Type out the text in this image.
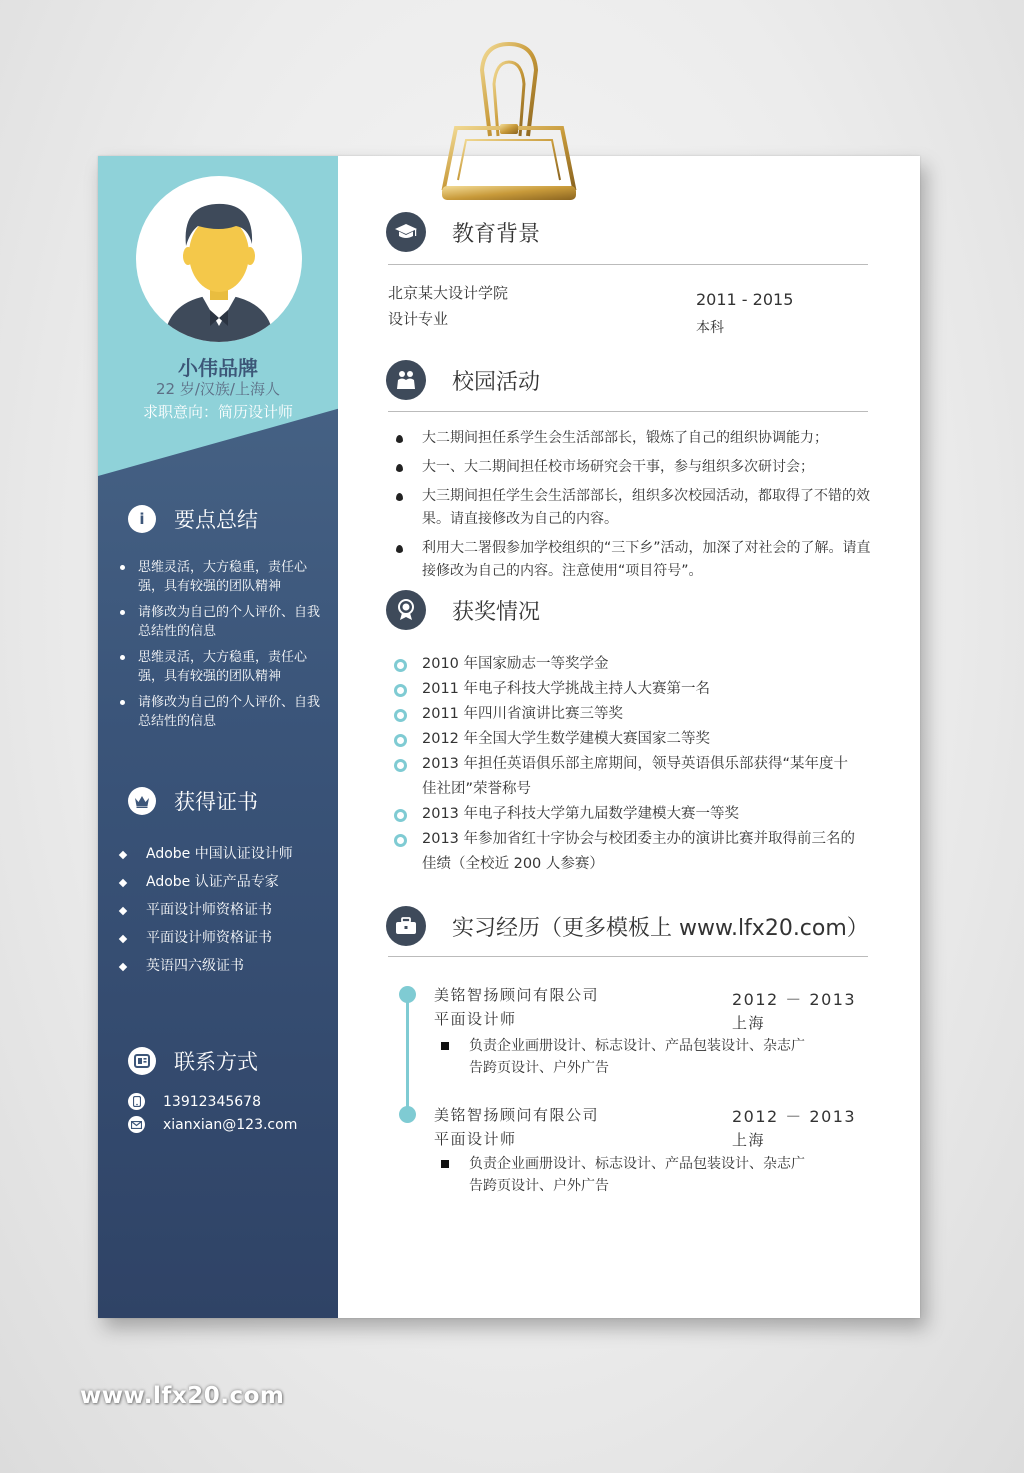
小伟品牌
22 岁/汉族/上海人
求职意向：简历设计师
i	要点总结
思维灵活，大方稳重，责任心强，具有较强的团队精神
请修改为自己的个人评价、自我总结性的信息
思维灵活，大方稳重，责任心强，具有较强的团队精神
请修改为自己的个人评价、自我总结性的信息
获得证书
Adobe 中国认证设计师
Adobe 认证产品专家
平面设计师资格证书
平面设计师资格证书
英语四六级证书
联系方式
13912345678
xianxian@123.com
教育背景
北京某大设计学院
设计专业
2011 - 2015
本科
校园活动
大二期间担任系学生会生活部部长，锻炼了自己的组织协调能力；
大一、大二期间担任校市场研究会干事，参与组织多次研讨会；
大三期间担任学生会生活部部长，组织多次校园活动，都取得了不错的效果。请直接修改为自己的内容。
利用大二署假参加学校组织的“三下乡”活动，加深了对社会的了解。请直接修改为自己的内容。注意使用“项目符号”。
获奖情况
2010 年国家励志一等奖学金
2011 年电子科技大学挑战主持人大赛第一名
2011 年四川省演讲比赛三等奖
2012 年全国大学生数学建模大赛国家二等奖
2013 年担任英语俱乐部主席期间，领导英语俱乐部获得“某年度十佳社团”荣誉称号
2013 年电子科技大学第九届数学建模大赛一等奖
2013 年参加省红十字协会与校团委主办的演讲比赛并取得前三名的佳绩（全校近 200 人参赛）
实习经历（更多模板上 www.lfx20.com）
美铭智扬顾问有限公司
平面设计师
2012 － 2013
上海
负责企业画册设计、标志设计、产品包装设计、杂志广告跨页设计、户外广告
美铭智扬顾问有限公司
平面设计师
2012 － 2013
上海
负责企业画册设计、标志设计、产品包装设计、杂志广告跨页设计、户外广告
www.lfx20.com
